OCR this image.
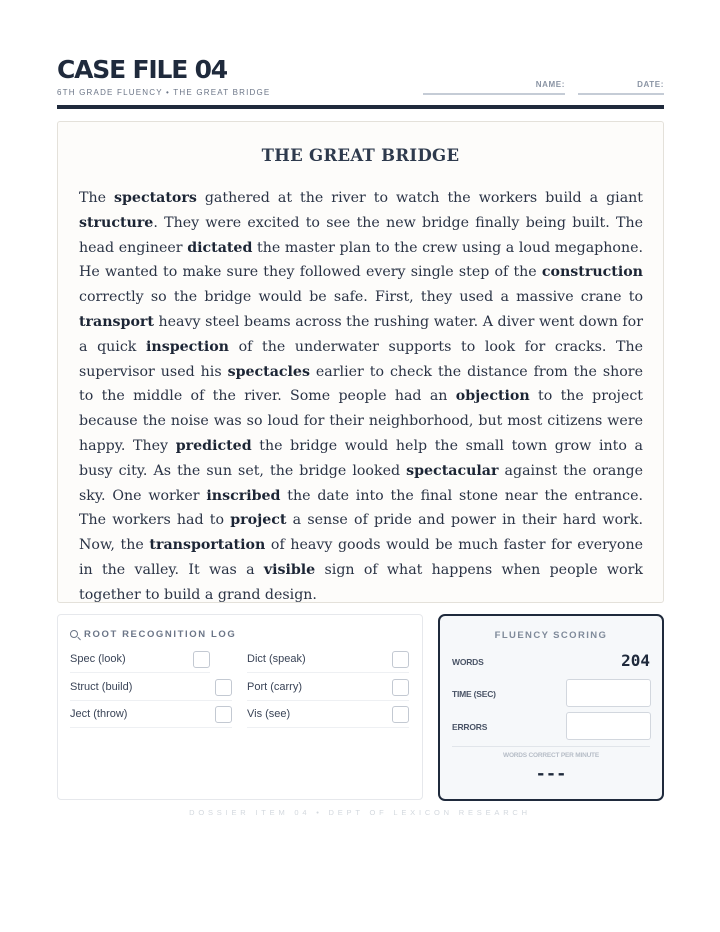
CASE FILE 04
6TH GRADE FLUENCY • THE GREAT BRIDGE
NAME:	DATE:
THE GREAT BRIDGE
The spectators gathered at the river to watch the workers build a giant structure. They were excited to see the new bridge finally being built. The head engineer dictated the master plan to the crew using a loud megaphone. He wanted to make sure they followed every single step of the construction correctly so the bridge would be safe. First, they used a massive crane to transport heavy steel beams across the rushing water. A diver went down for a quick inspection of the underwater supports to look for cracks. The supervisor used his spectacles earlier to check the distance from the shore to the middle of the river. Some people had an objection to the project because the noise was so loud for their neighborhood, but most citizens were happy. They predicted the bridge would help the small town grow into a busy city. As the sun set, the bridge looked spectacular against the orange sky. One worker inscribed the date into the final stone near the entrance. The workers had to project a sense of pride and power in their hard work. Now, the transportation of heavy goods would be much faster for everyone in the valley. It was a visible sign of what happens when people work together to build a grand design.
ROOT RECOGNITION LOG
Spec (look)	Dict (speak)
Struct (build)	Port (carry)
Ject (throw)	Vis (see)
FLUENCY SCORING
WORDS	204
TIME (SEC)
ERRORS
WORDS CORRECT PER MINUTE
---
DOSSIER ITEM 04 • DEPT OF LEXICON RESEARCH
